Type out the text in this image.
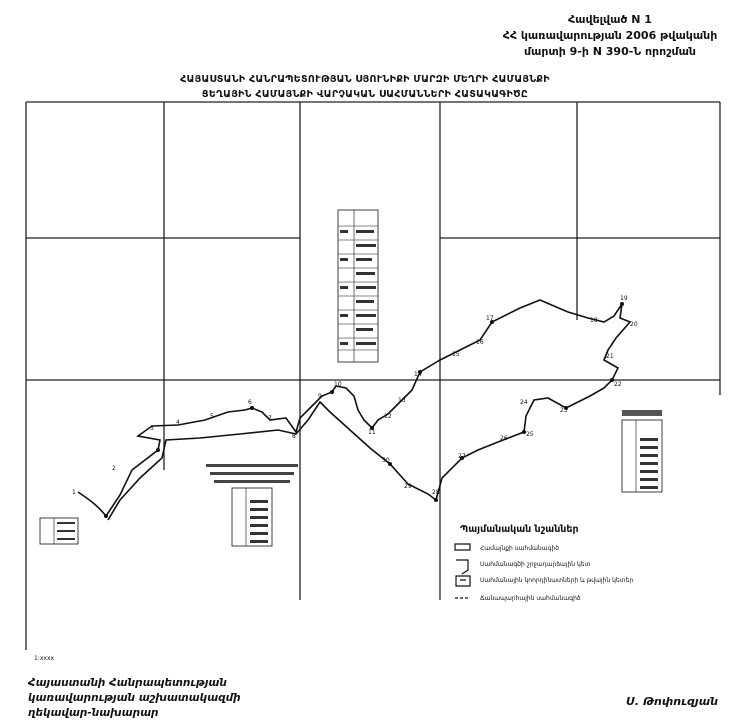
Հավելված N 1
ՀՀ կառավարության 2006 թվականի
մարտի 9-ի N 390-Ն որոշման
ՀԱՅԱՍՏԱՆԻ ՀԱՆՐԱՊԵՏՈՒԹՅԱՆ ՍՅՈՒՆԻՔԻ ՄԱՐԶԻ ՄԵՂՐԻ ՀԱՄԱՅՆՔԻ
ՑԵՂԱՅԻՆ ՀԱՄԱՅՆՔԻ ՎԱՐՉԱԿԱՆ ՍԱՀՄԱՆՆԵՐԻ ՀԱՏԱԿԱԳԻԾԸ
1
2
3
4
5
6
7
8
9
10
11
12
13
14
15
16
17	18
19
20
21
22
23
24
25
26
27
28
29
30
Պայմանական նշաններ
Համայնքի սահմանագիծ
Սահմանագծի շրջադարձային կետ
Սահմանային կոորդինատների և թվային կետեր
Ճանապարհային սահմանագիծ
1:xxxx
Հայաստանի Հանրապետության
կառավարության աշխատակազմի
ղեկավար-նախարար
Ս. Թոփուզյան
